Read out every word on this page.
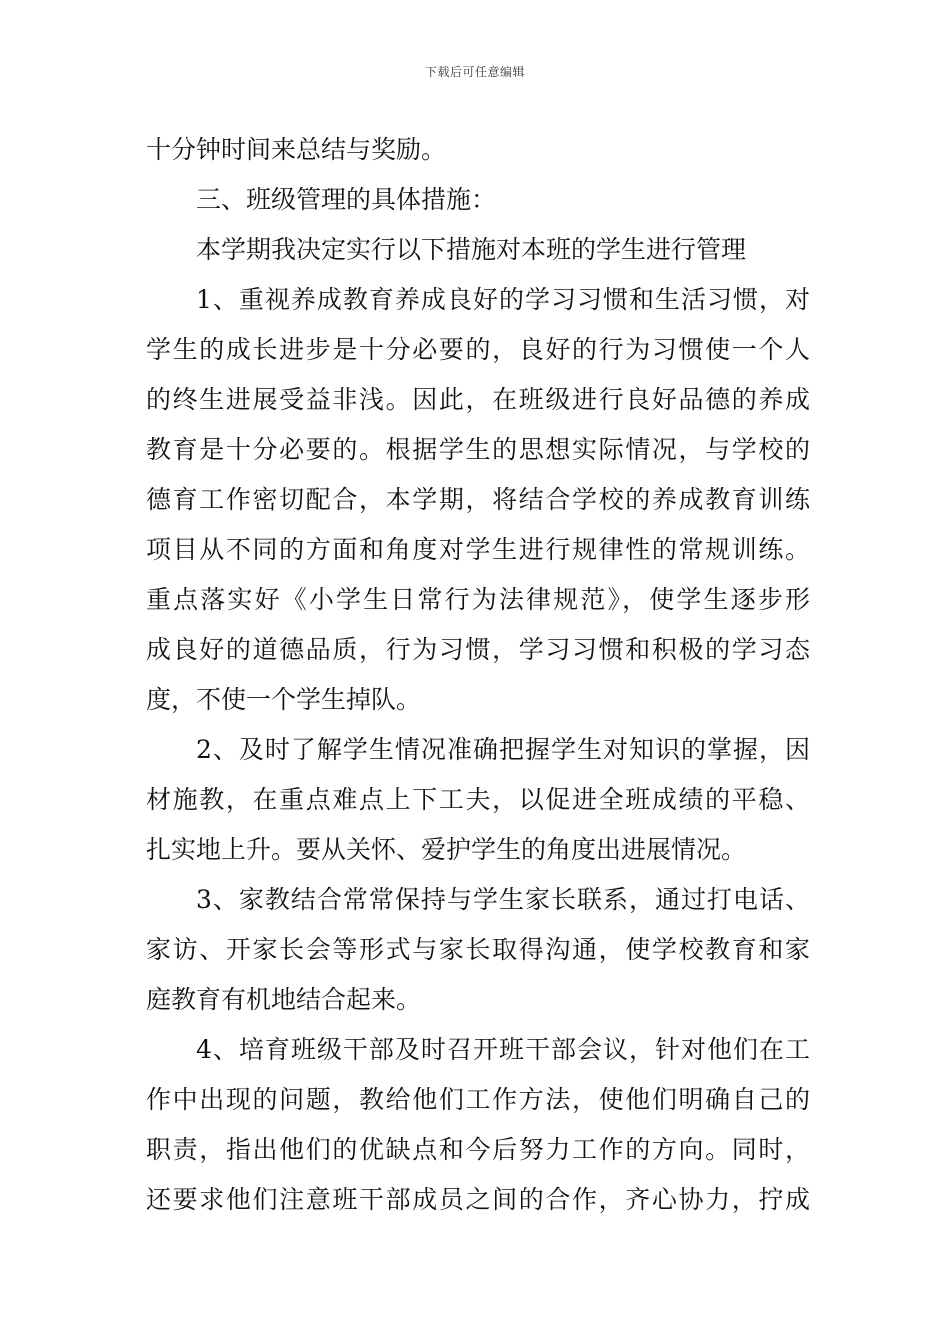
下载后可任意编辑
十分钟时间来总结与奖励。
三、班级管理的具体措施：
本学期我决定实行以下措施对本班的学生进行管理
1、重视养成教育养成良好的学习习惯和生活习惯，对
学生的成长进步是十分必要的，良好的行为习惯使一个人
的终生进展受益非浅。因此，在班级进行良好品德的养成
教育是十分必要的。根据学生的思想实际情况，与学校的
德育工作密切配合，本学期，将结合学校的养成教育训练
项目从不同的方面和角度对学生进行规律性的常规训练。
重点落实好《小学生日常行为法律规范》，使学生逐步形
成良好的道德品质，行为习惯，学习习惯和积极的学习态
度，不使一个学生掉队。
2、及时了解学生情况准确把握学生对知识的掌握，因
材施教，在重点难点上下工夫，以促进全班成绩的平稳、
扎实地上升。要从关怀、爱护学生的角度出进展情况。
3、家教结合常常保持与学生家长联系，通过打电话、
家访、开家长会等形式与家长取得沟通，使学校教育和家
庭教育有机地结合起来。
4、培育班级干部及时召开班干部会议，针对他们在工
作中出现的问题，教给他们工作方法，使他们明确自己的
职责，指出他们的优缺点和今后努力工作的方向。同时，
还要求他们注意班干部成员之间的合作，齐心协力，拧成
